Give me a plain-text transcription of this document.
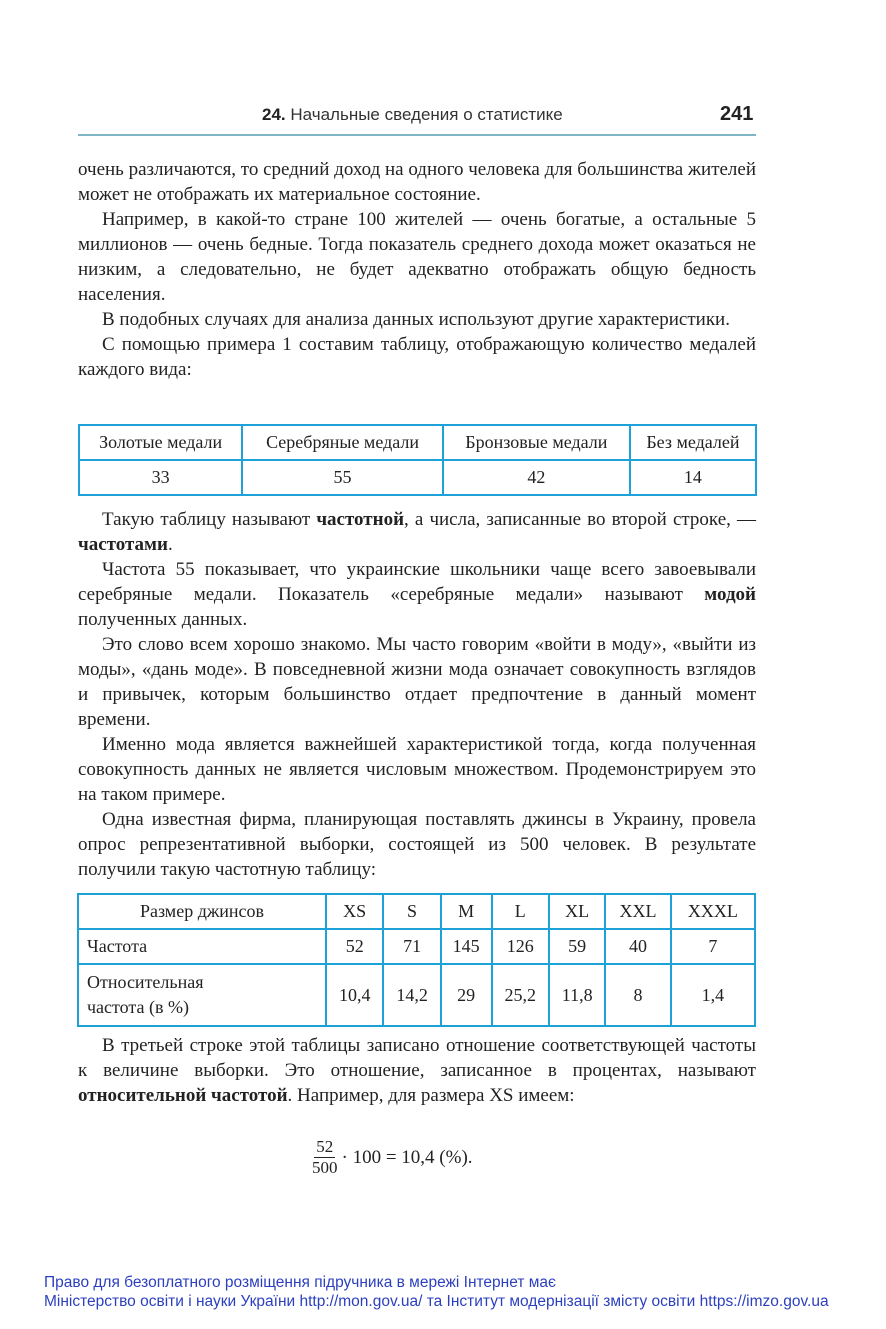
24. Начальные сведения о статистике	241

очень различаются, то средний доход на одного человека для большинства жителей может не отображать их материальное состояние.

Например, в какой-то стране 100 жителей — очень богатые, а остальные 5 миллионов — очень бедные. Тогда показатель среднего дохода может оказаться не низким, а следовательно, не будет адекватно отображать общую бедность населения.

В подобных случаях для анализа данных используют другие характеристики.

С помощью примера 1 составим таблицу, отображающую количество медалей каждого вида:

Золотые медали	Серебряные медали	Бронзовые медали	Без медалей
33	55	42	14

Такую таблицу называют частотной, а числа, записанные во второй строке, — частотами.

Частота 55 показывает, что украинские школьники чаще всего завоевывали серебряные медали. Показатель «серебряные медали» называют модой полученных данных.

Это слово всем хорошо знакомо. Мы часто говорим «войти в моду», «выйти из моды», «дань моде». В повседневной жизни мода означает совокупность взглядов и привычек, которым большинство отдает предпочтение в данный момент времени.

Именно мода является важнейшей характеристикой тогда, когда полученная совокупность данных не является числовым множеством. Продемонстрируем это на таком примере.

Одна известная фирма, планирующая поставлять джинсы в Украину, провела опрос репрезентативной выборки, состоящей из 500 человек. В результате получили такую частотную таблицу:

Размер джинсов	XS	S	M	L	XL	XXL	XXXL
Частота	52	71	145	126	59	40	7
Относительная
частота (в %)	10,4	14,2	29	25,2	11,8	8	1,4

В третьей строке этой таблицы записано отношение соответствующей частоты к величине выборки. Это отношение, записанное в процентах, называют относительной частотой. Например, для размера XS имеем:

$\frac{52}{500} \cdot 100 = 10,4$ (%).
Право для безоплатного розміщення підручника в мережі Інтернет має
Міністерство освіти і науки України http://mon.gov.ua/ та Інститут модернізації змісту освіти https://imzo.gov.ua
